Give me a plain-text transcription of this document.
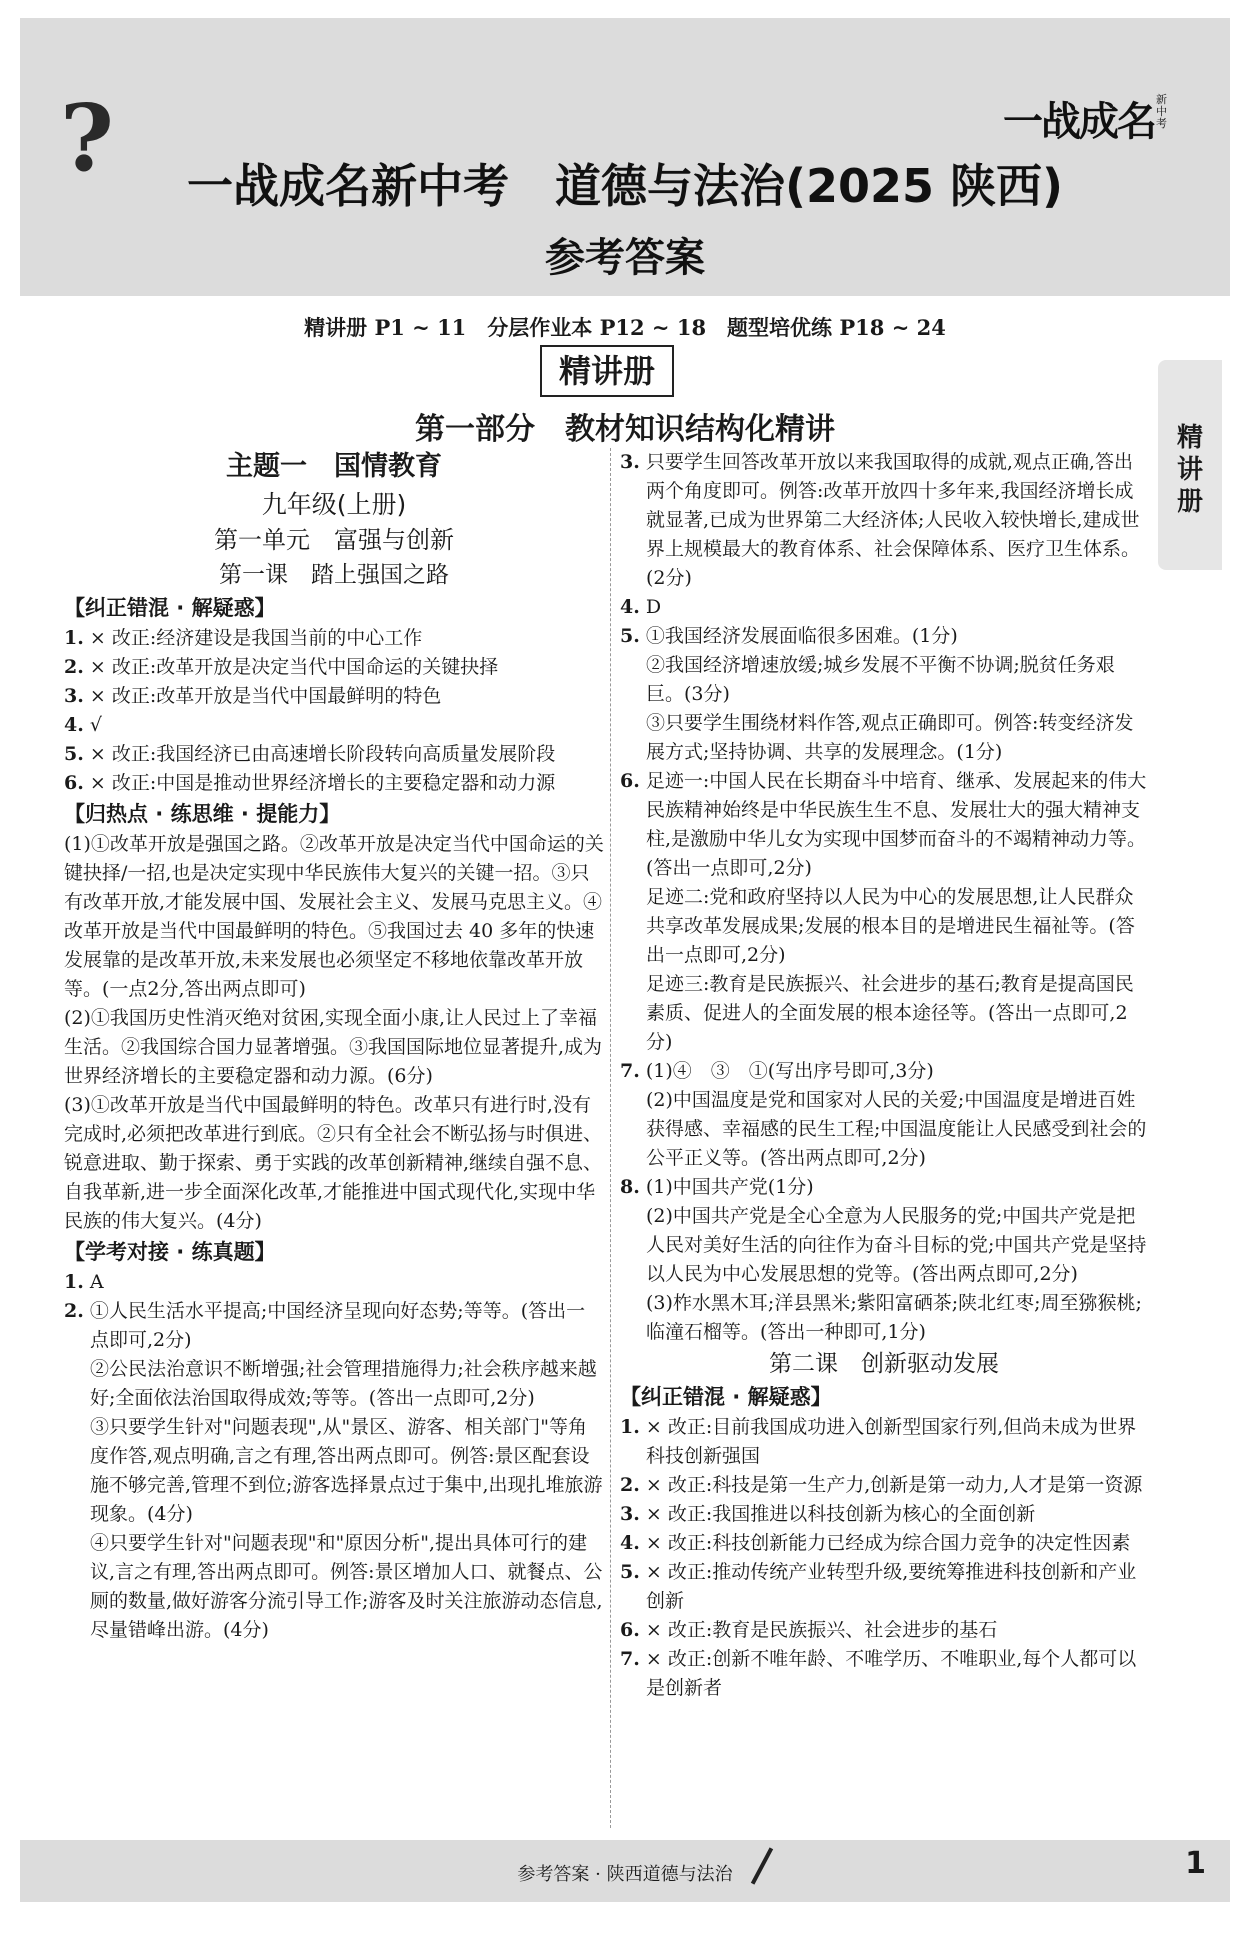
?	一战成名 新中考
一战成名新中考　道德与法治(2025 陕西)
参考答案
精讲册 P1 ~ 11　分层作业本 P12 ~ 18　题型培优练 P18 ~ 24
精讲册
第一部分　教材知识结构化精讲	精讲册
主题一　国情教育
九年级(上册)
第一单元　富强与创新
第一课　踏上强国之路
【纠正错混 · 解疑惑】

1. × 改正:经济建设是我国当前的中心工作

2. × 改正:改革开放是决定当代中国命运的关键抉择

3. × 改正:改革开放是当代中国最鲜明的特色

4. √

5. × 改正:我国经济已由高速增长阶段转向高质量发展阶段

6. × 改正:中国是推动世界经济增长的主要稳定器和动力源

【归热点 · 练思维 · 提能力】

(1)①改革开放是强国之路。②改革开放是决定当代中国命运的关键抉择/一招,也是决定实现中华民族伟大复兴的关键一招。③只有改革开放,才能发展中国、发展社会主义、发展马克思主义。④改革开放是当代中国最鲜明的特色。⑤我国过去 40 多年的快速发展靠的是改革开放,未来发展也必须坚定不移地依靠改革开放等。(一点2分,答出两点即可)

(2)①我国历史性消灭绝对贫困,实现全面小康,让人民过上了幸福生活。②我国综合国力显著增强。③我国国际地位显著提升,成为世界经济增长的主要稳定器和动力源。(6分)

(3)①改革开放是当代中国最鲜明的特色。改革只有进行时,没有完成时,必须把改革进行到底。②只有全社会不断弘扬与时俱进、锐意进取、勤于探索、勇于实践的改革创新精神,继续自强不息、自我革新,进一步全面深化改革,才能推进中国式现代化,实现中华民族的伟大复兴。(4分)

【学考对接 · 练真题】

1. A

2. ①人民生活水平提高;中国经济呈现向好态势;等等。(答出一点即可,2分)

②公民法治意识不断增强;社会管理措施得力;社会秩序越来越好;全面依法治国取得成效;等等。(答出一点即可,2分)

③只要学生针对"问题表现",从"景区、游客、相关部门"等角度作答,观点明确,言之有理,答出两点即可。例答:景区配套设施不够完善,管理不到位;游客选择景点过于集中,出现扎堆旅游现象。(4分)

④只要学生针对"问题表现"和"原因分析",提出具体可行的建议,言之有理,答出两点即可。例答:景区增加人口、就餐点、公厕的数量,做好游客分流引导工作;游客及时关注旅游动态信息,尽量错峰出游。(4分)

3. 只要学生回答改革开放以来我国取得的成就,观点正确,答出两个角度即可。例答:改革开放四十多年来,我国经济增长成就显著,已成为世界第二大经济体;人民收入较快增长,建成世界上规模最大的教育体系、社会保障体系、医疗卫生体系。(2分)

4. D

5. ①我国经济发展面临很多困难。(1分)

②我国经济增速放缓;城乡发展不平衡不协调;脱贫任务艰巨。(3分)

③只要学生围绕材料作答,观点正确即可。例答:转变经济发展方式;坚持协调、共享的发展理念。(1分)

6. 足迹一:中国人民在长期奋斗中培育、继承、发展起来的伟大民族精神始终是中华民族生生不息、发展壮大的强大精神支柱,是激励中华儿女为实现中国梦而奋斗的不竭精神动力等。(答出一点即可,2分)

足迹二:党和政府坚持以人民为中心的发展思想,让人民群众共享改革发展成果;发展的根本目的是增进民生福祉等。(答出一点即可,2分)

足迹三:教育是民族振兴、社会进步的基石;教育是提高国民素质、促进人的全面发展的根本途径等。(答出一点即可,2分)

7. (1)④　③　①(写出序号即可,3分)

(2)中国温度是党和国家对人民的关爱;中国温度是增进百姓获得感、幸福感的民生工程;中国温度能让人民感受到社会的公平正义等。(答出两点即可,2分)

8. (1)中国共产党(1分)

(2)中国共产党是全心全意为人民服务的党;中国共产党是把人民对美好生活的向往作为奋斗目标的党;中国共产党是坚持以人民为中心发展思想的党等。(答出两点即可,2分)

(3)柞水黑木耳;洋县黑米;紫阳富硒茶;陕北红枣;周至猕猴桃;临潼石榴等。(答出一种即可,1分)

第二课　创新驱动发展
【纠正错混 · 解疑惑】

1. × 改正:目前我国成功进入创新型国家行列,但尚未成为世界科技创新强国

2. × 改正:科技是第一生产力,创新是第一动力,人才是第一资源

3. × 改正:我国推进以科技创新为核心的全面创新

4. × 改正:科技创新能力已经成为综合国力竞争的决定性因素

5. × 改正:推动传统产业转型升级,要统筹推进科技创新和产业创新

6. × 改正:教育是民族振兴、社会进步的基石

7. × 改正:创新不唯年龄、不唯学历、不唯职业,每个人都可以是创新者

参考答案 · 陕西道德与法治	1
